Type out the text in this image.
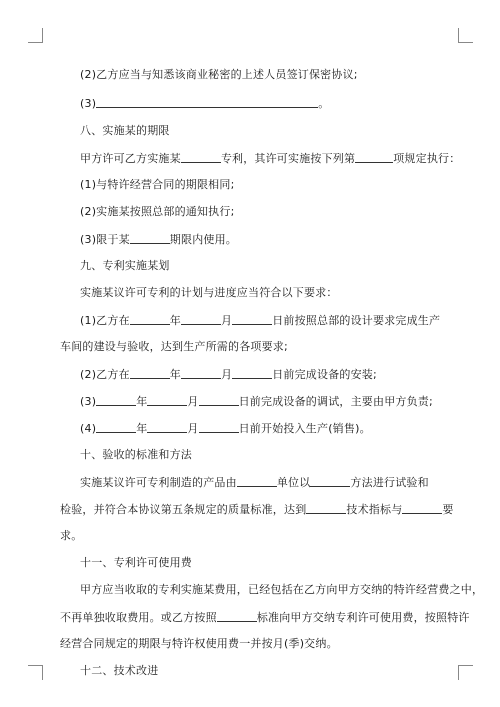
(2)乙方应当与知悉该商业秘密的上述人员签订保密协议;
(3)	。
八、实施某的期限
甲方许可乙方实施某	专利，其许可实施按下列第	项规定执行：
(1)与特许经营合同的期限相同;
(2)实施某按照总部的通知执行;
(3)限于某	期限内使用。
九、专利实施某划
实施某议许可专利的计划与进度应当符合以下要求：
(1)乙方在	年	月	日前按照总部的设计要求完成生产
车间的建设与验收，达到生产所需的各项要求;
(2)乙方在	年	月	日前完成设备的安装;
(3)	年	月	日前完成设备的调试，主要由甲方负责;
(4)	年	月	日前开始投入生产(销售)。
十、验收的标准和方法
实施某议许可专利制造的产品由	单位以	方法进行试验和
检验，并符合本协议第五条规定的质量标准，达到	技术指标与	要
求。
十一、专利许可使用费
甲方应当收取的专利实施某费用，已经包括在乙方向甲方交纳的特许经营费之中，
不再单独收取费用。或乙方按照	标准向甲方交纳专利许可使用费，按照特许
经营合同规定的期限与特许权使用费一并按月(季)交纳。
十二、技术改进
